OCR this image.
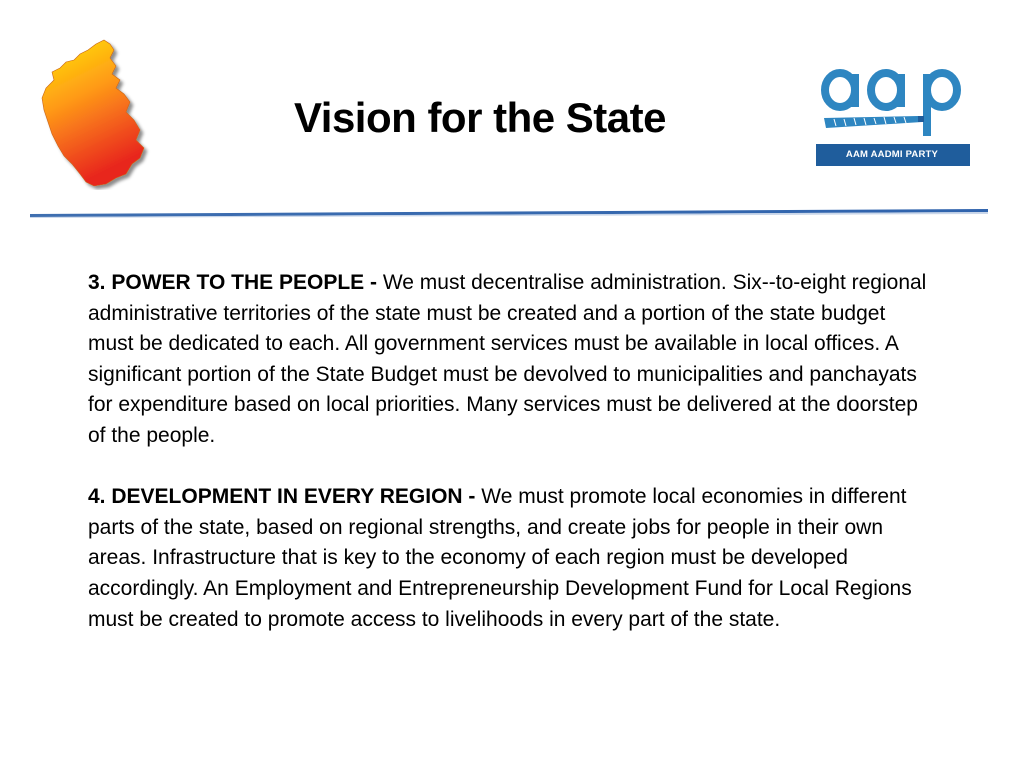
Vision for the State
AAM AADMI PARTY

3. POWER TO THE PEOPLE - We must decentralise administration. Six--to-eight regional administrative territories of the state must be created and a portion of the state budget must be dedicated to each. All government services must be available in local offices. A significant portion of the State Budget must be devolved to municipalities and panchayats for expenditure based on local priorities. Many services must be delivered at the doorstep of the people.

4. DEVELOPMENT IN EVERY REGION - We must promote local economies in different parts of the state, based on regional strengths, and create jobs for people in their own areas. Infrastructure that is key to the economy of each region must be developed accordingly. An Employment and Entrepreneurship Development Fund for Local Regions must be created to promote access to livelihoods in every part of the state.
